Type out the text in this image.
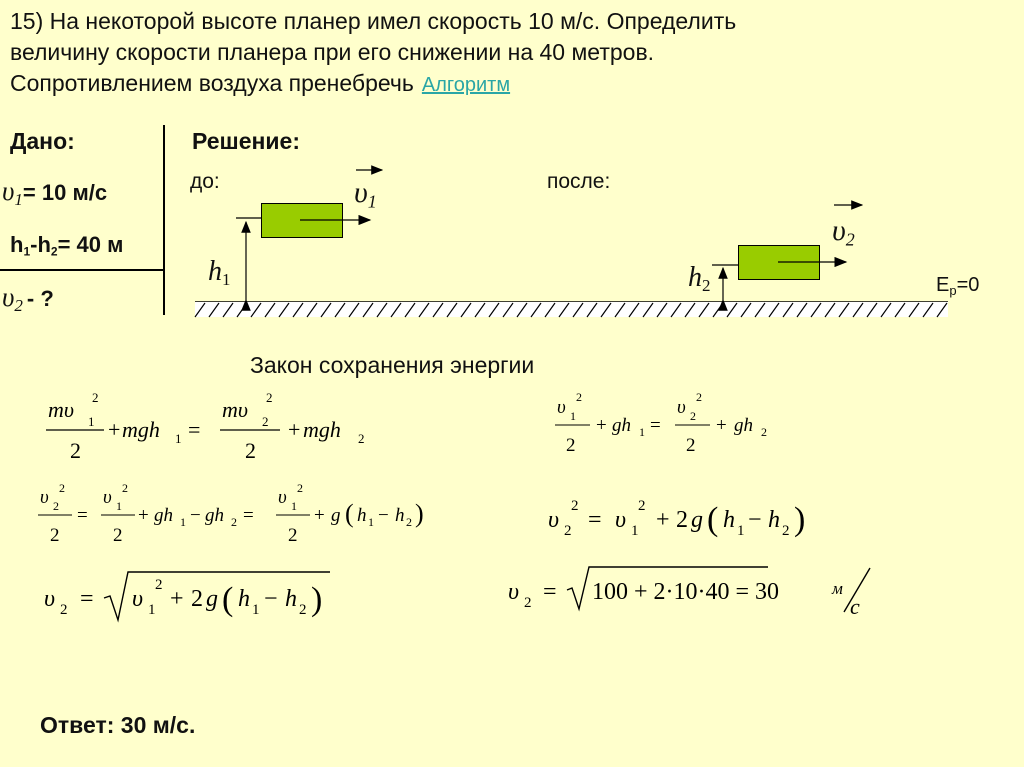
15) На некоторой высоте планер имел скорость 10 м/с. Определить
величину скорости планера при его снижении на 40 метров.
Сопротивлением воздуха пренебречь Алгоритм
Дано:
$\upsilon_1= 10$ м/с
$h_1-h_2= 40$ м
$\upsilon_2$ - ?
Решение:
до:	после:
$\upsilon_1$
$\upsilon_2$
$h_1$	$h_2$	$E_p=0$
Закон сохранения энергии
mυ 1
2
2
+ mgh 1 =
mυ 2
2
2
+ mgh 2
υ 1
2
2
+ gh 1 =
υ 2
2
2
+ gh 2
υ 2
2
2
=
υ 1
2
2
+ gh 1 − gh 2 =
υ 1
2
2
+ g ( h 1 − h 2 )	υ 2
2
= υ 1
2
+ 2 g ( h 1 − h 2 )
υ 2 = υ 1
2
+ 2 g ( h 1 − h 2 )	υ 2 = 100 + 2·10·40 = 30	м
с
Ответ: 30 м/с.
